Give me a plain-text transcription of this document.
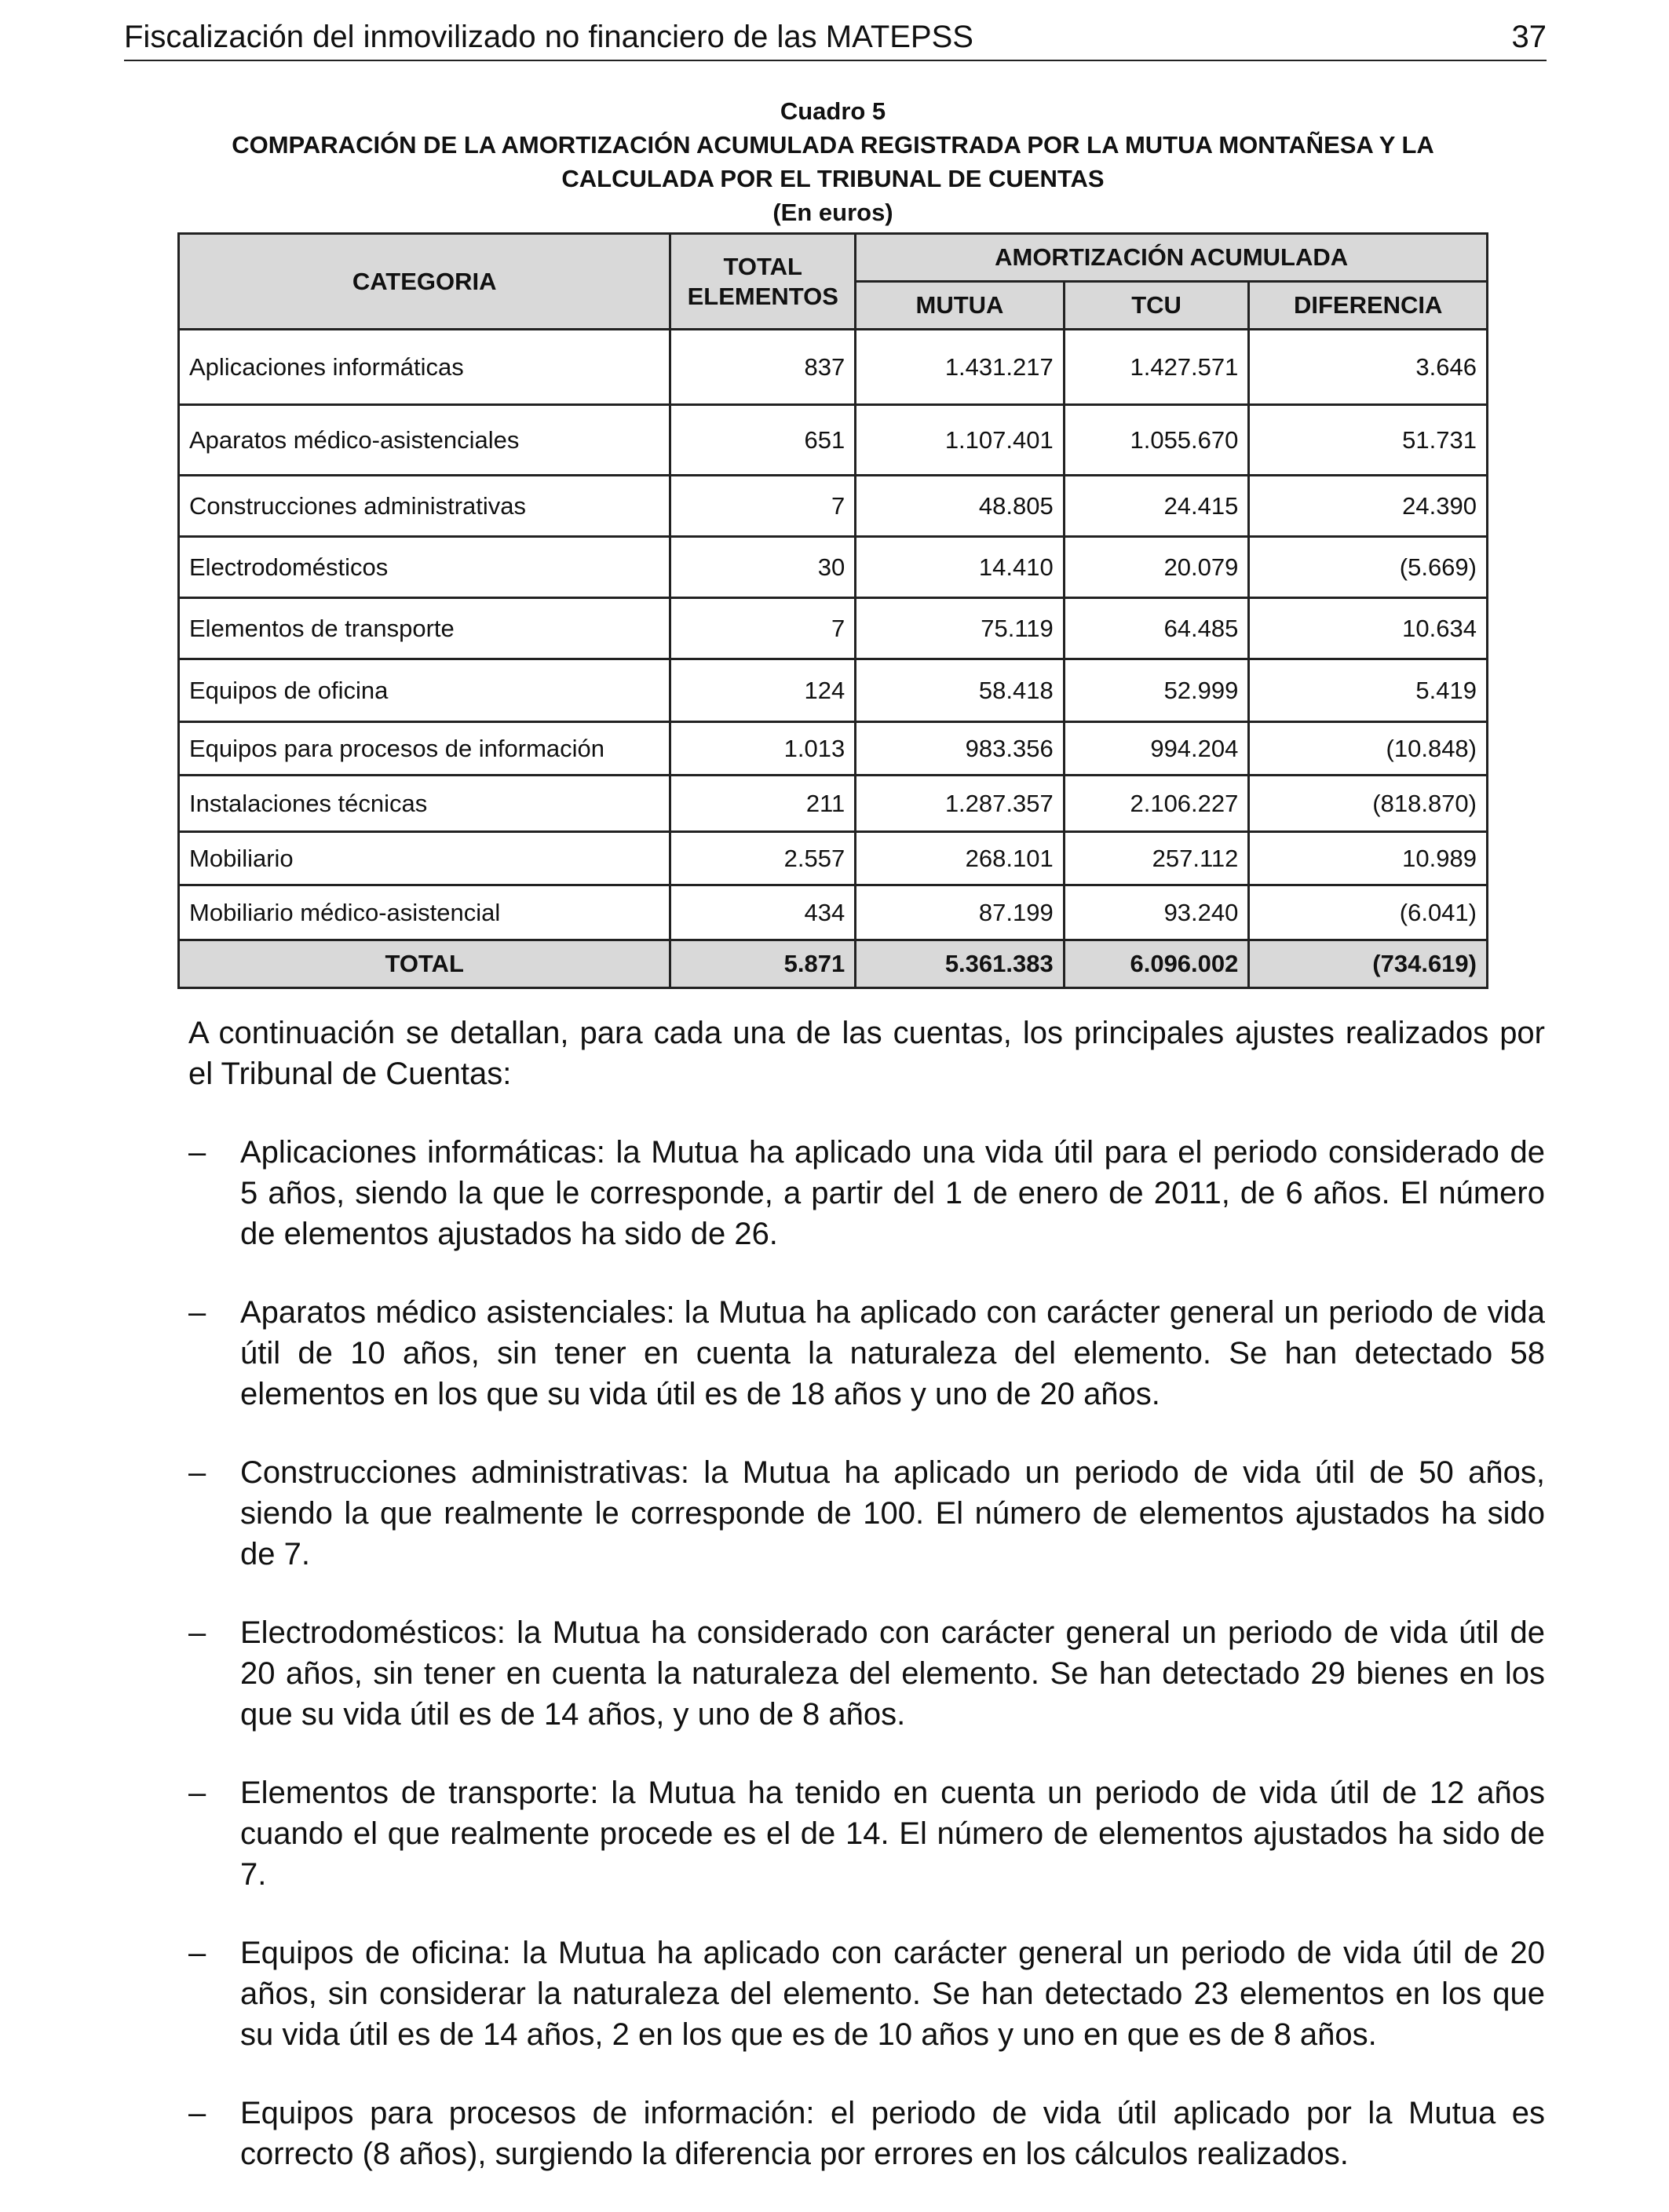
Fiscalización del inmovilizado no financiero de las MATEPSS	37
Cuadro 5
COMPARACIÓN DE LA AMORTIZACIÓN ACUMULADA REGISTRADA POR LA MUTUA MONTAÑESA Y LA
CALCULADA POR EL TRIBUNAL DE CUENTAS
(En euros)
CATEGORIA	TOTAL ELEMENTOS	AMORTIZACIÓN ACUMULADA		
		MUTUA	TCU	DIFERENCIA
Aplicaciones informáticas	837	1.431.217	1.427.571	3.646
Aparatos médico-asistenciales	651	1.107.401	1.055.670	51.731
Construcciones administrativas	7	48.805	24.415	24.390
Electrodomésticos	30	14.410	20.079	(5.669)
Elementos de transporte	7	75.119	64.485	10.634
Equipos de oficina	124	58.418	52.999	5.419
Equipos para procesos de información	1.013	983.356	994.204	(10.848)
Instalaciones técnicas	211	1.287.357	2.106.227	(818.870)
Mobiliario	2.557	268.101	257.112	10.989
Mobiliario médico-asistencial	434	87.199	93.240	(6.041)
TOTAL	5.871	5.361.383	6.096.002	(734.619)

A continuación se detallan, para cada una de las cuentas, los principales ajustes realizados por el Tribunal de Cuentas:

– Aplicaciones informáticas: la Mutua ha aplicado una vida útil para el periodo considerado de 5 años, siendo la que le corresponde, a partir del 1 de enero de 2011, de 6 años. El número de elementos ajustados ha sido de 26.
– Aparatos médico asistenciales: la Mutua ha aplicado con carácter general un periodo de vida útil de 10 años, sin tener en cuenta la naturaleza del elemento. Se han detectado 58 elementos en los que su vida útil es de 18 años y uno de 20 años.
– Construcciones administrativas: la Mutua ha aplicado un periodo de vida útil de 50 años, siendo la que realmente le corresponde de 100. El número de elementos ajustados ha sido de 7.
– Electrodomésticos: la Mutua ha considerado con carácter general un periodo de vida útil de 20 años, sin tener en cuenta la naturaleza del elemento. Se han detectado 29 bienes en los que su vida útil es de 14 años, y uno de 8 años.
– Elementos de transporte: la Mutua ha tenido en cuenta un periodo de vida útil de 12 años cuando el que realmente procede es el de 14. El número de elementos ajustados ha sido de 7.
– Equipos de oficina: la Mutua ha aplicado con carácter general un periodo de vida útil de 20 años, sin considerar la naturaleza del elemento. Se han detectado 23 elementos en los que su vida útil es de 14 años, 2 en los que es de 10 años y uno en que es de 8 años.
– Equipos para procesos de información: el periodo de vida útil aplicado por la Mutua es correcto (8 años), surgiendo la diferencia por errores en los cálculos realizados.
